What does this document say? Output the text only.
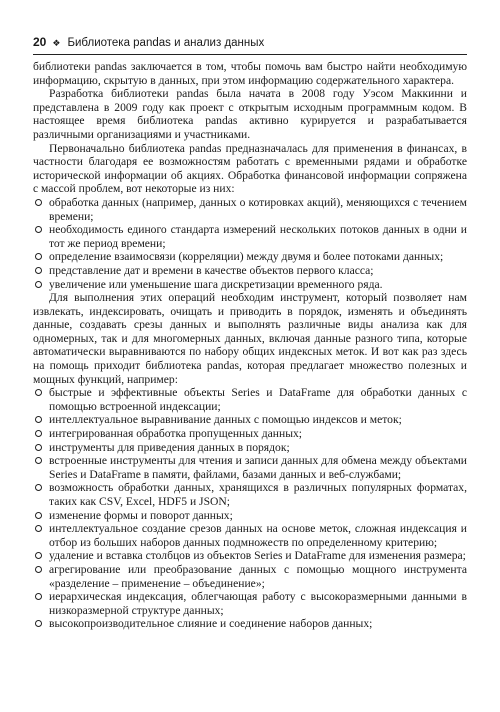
20 ❖ Библиотека pandas и анализ данных

библиотеки pandas заключается в том, чтобы помочь вам быстро найти необходимую информацию, скрытую в данных, при этом информацию содержательного характера.

Разработка библиотеки pandas была начата в 2008 году Уэсом Маккинни и представлена в 2009 году как проект с открытым исходным программным кодом. В настоящее время библиотека pandas активно курируется и разрабатывается различными организациями и участниками.

Первоначально библиотека pandas предназначалась для применения в финансах, в частности благодаря ее возможностям работать с временными рядами и обработке исторической информации об акциях. Обработка финансовой информации сопряжена с массой проблем, вот некоторые из них:

обработка данных (например, данных о котировках акций), меняющихся с течением времени;
необходимость единого стандарта измерений нескольких потоков данных в одни и тот же период времени;
определение взаимосвязи (корреляции) между двумя и более потоками данных;
представление дат и времени в качестве объектов первого класса;
увеличение или уменьшение шага дискретизации временного ряда.

Для выполнения этих операций необходим инструмент, который позволяет нам извлекать, индексировать, очищать и приводить в порядок, изменять и объединять данные, создавать срезы данных и выполнять различные виды анализа как для одномерных, так и для многомерных данных, включая данные разного типа, которые автоматически выравниваются по набору общих индексных меток. И вот как раз здесь на помощь приходит библиотека pandas, которая предлагает множество полезных и мощных функций, например:

быстрые и эффективные объекты Series и DataFrame для обработки данных с помощью встроенной индексации;
интеллектуальное выравнивание данных с помощью индексов и меток;
интегрированная обработка пропущенных данных;
инструменты для приведения данных в порядок;
встроенные инструменты для чтения и записи данных для обмена между объектами Series и DataFrame в памяти, файлами, базами данных и веб-службами;
возможность обработки данных, хранящихся в различных популярных форматах, таких как CSV, Excel, HDF5 и JSON;
изменение формы и поворот данных;
интеллектуальное создание срезов данных на основе меток, сложная индексация и отбор из больших наборов данных подмножеств по определенному критерию;
удаление и вставка столбцов из объектов Series и DataFrame для изменения размера;
агрегирование или преобразование данных с помощью мощного инструмента «разделение – применение – объединение»;
иерархическая индексация, облегчающая работу с высокоразмерными данными в низкоразмерной структуре данных;
высокопроизводительное слияние и соединение наборов данных;
